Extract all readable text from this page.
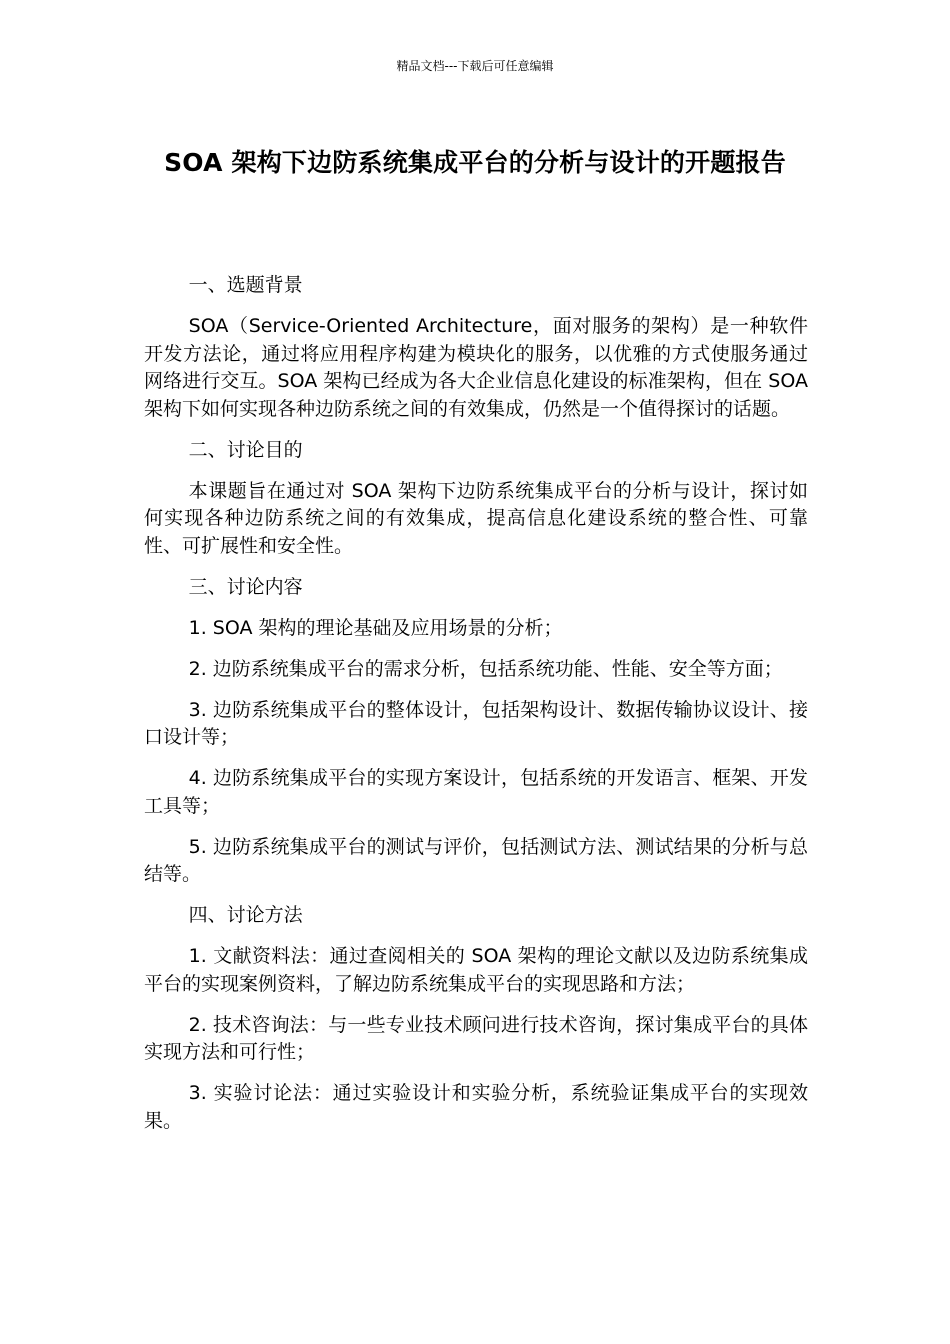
精品文档---下载后可任意编辑
SOA 架构下边防系统集成平台的分析与设计的开题报告

一、选题背景

SOA（Service-Oriented Architecture，面对服务的架构）是一种软件开发方法论，通过将应用程序构建为模块化的服务，以优雅的方式使服务通过网络进行交互。SOA 架构已经成为各大企业信息化建设的标准架构，但在 SOA 架构下如何实现各种边防系统之间的有效集成，仍然是一个值得探讨的话题。

二、讨论目的

本课题旨在通过对 SOA 架构下边防系统集成平台的分析与设计，探讨如何实现各种边防系统之间的有效集成，提高信息化建设系统的整合性、可靠性、可扩展性和安全性。

三、讨论内容

1. SOA 架构的理论基础及应用场景的分析；

2. 边防系统集成平台的需求分析，包括系统功能、性能、安全等方面；

3. 边防系统集成平台的整体设计，包括架构设计、数据传输协议设计、接口设计等；

4. 边防系统集成平台的实现方案设计，包括系统的开发语言、框架、开发工具等；

5. 边防系统集成平台的测试与评价，包括测试方法、测试结果的分析与总结等。

四、讨论方法

1. 文献资料法：通过查阅相关的 SOA 架构的理论文献以及边防系统集成平台的实现案例资料，了解边防系统集成平台的实现思路和方法；

2. 技术咨询法：与一些专业技术顾问进行技术咨询，探讨集成平台的具体实现方法和可行性；

3. 实验讨论法：通过实验设计和实验分析，系统验证集成平台的实现效果。
